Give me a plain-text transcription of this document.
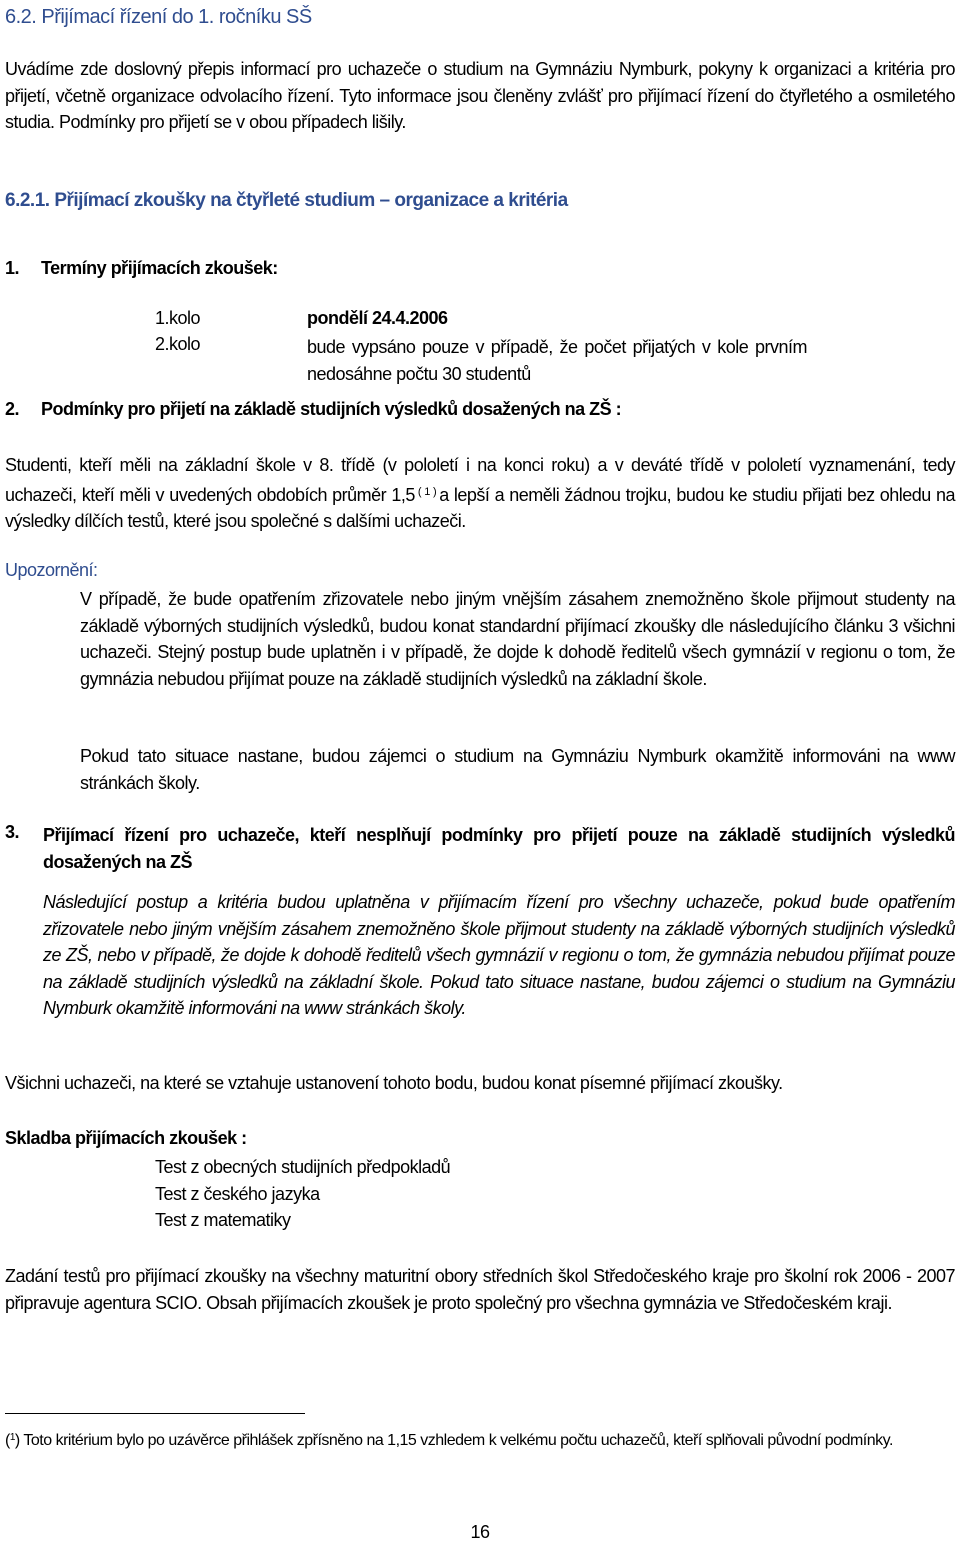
6.2. Přijímací řízení do 1. ročníku SŠ

Uvádíme zde doslovný přepis informací pro uchazeče o studium na Gymnáziu Nymburk, pokyny k organizaci a kritéria pro přijetí, včetně organizace odvolacího řízení. Tyto informace jsou členěny zvlášť pro přijímací řízení do čtyřletého a osmiletého studia. Podmínky pro přijetí se v obou případech lišily.

6.2.1. Přijímací zkoušky na čtyřleté studium – organizace a kritéria
1. Termíny přijímacích zkoušek:
1.kolo	pondělí 24.4.2006
2.kolo	bude vypsáno pouze v případě, že počet přijatých v kole prvním nedosáhne počtu 30 studentů
2. Podmínky pro přijetí na základě studijních výsledků dosažených na ZŠ :

Studenti, kteří měli na základní škole v 8. třídě (v pololetí i na konci roku) a v deváté třídě v pololetí vyznamenání, tedy uchazeči, kteří měli v uvedených obdobích průměr 1,5 $^{( 1 )}$ a lepší a neměli žádnou trojku, budou ke studiu přijati bez ohledu na výsledky dílčích testů, které jsou společné s dalšími uchazeči.

Upozornění:

V případě, že bude opatřením zřizovatele nebo jiným vnějším zásahem znemožněno škole přijmout studenty na základě výborných studijních výsledků, budou konat standardní přijímací zkoušky dle následujícího článku 3 všichni uchazeči. Stejný postup bude uplatněn i v případě, že dojde k dohodě ředitelů všech gymnázií v regionu o tom, že gymnázia nebudou přijímat pouze na základě studijních výsledků na základní škole.

Pokud tato situace nastane, budou zájemci o studium na Gymnáziu Nymburk okamžitě informováni na www stránkách školy.

3. Přijímací řízení pro uchazeče, kteří nesplňují podmínky pro přijetí pouze na základě studijních výsledků dosažených na ZŠ

Následující postup a kritéria budou uplatněna v přijímacím řízení pro všechny uchazeče, pokud bude opatřením zřizovatele nebo jiným vnějším zásahem znemožněno škole přijmout studenty na základě výborných studijních výsledků ze ZŠ, nebo v případě, že dojde k dohodě ředitelů všech gymnázií v regionu o tom, že gymnázia nebudou přijímat pouze na základě studijních výsledků na základní škole. Pokud tato situace nastane, budou zájemci o studium na Gymnáziu Nymburk okamžitě informováni na www stránkách školy.

Všichni uchazeči, na které se vztahuje ustanovení tohoto bodu, budou konat písemné přijímací zkoušky.

Skladba přijímacích zkoušek :
Test z obecných studijních předpokladů
Test z českého jazyka
Test z matematiky

Zadání testů pro přijímací zkoušky na všechny maturitní obory středních škol Středočeského kraje pro školní rok 2006 - 2007 připravuje agentura SCIO. Obsah přijímacích zkoušek je proto společný pro všechna gymnázia ve Středočeském kraji.

($^1$) Toto kritérium bylo po uzávěrce přihlášek zpřísněno na 1,15 vzhledem k velkému počtu uchazečů, kteří splňovali původní podmínky.

16
